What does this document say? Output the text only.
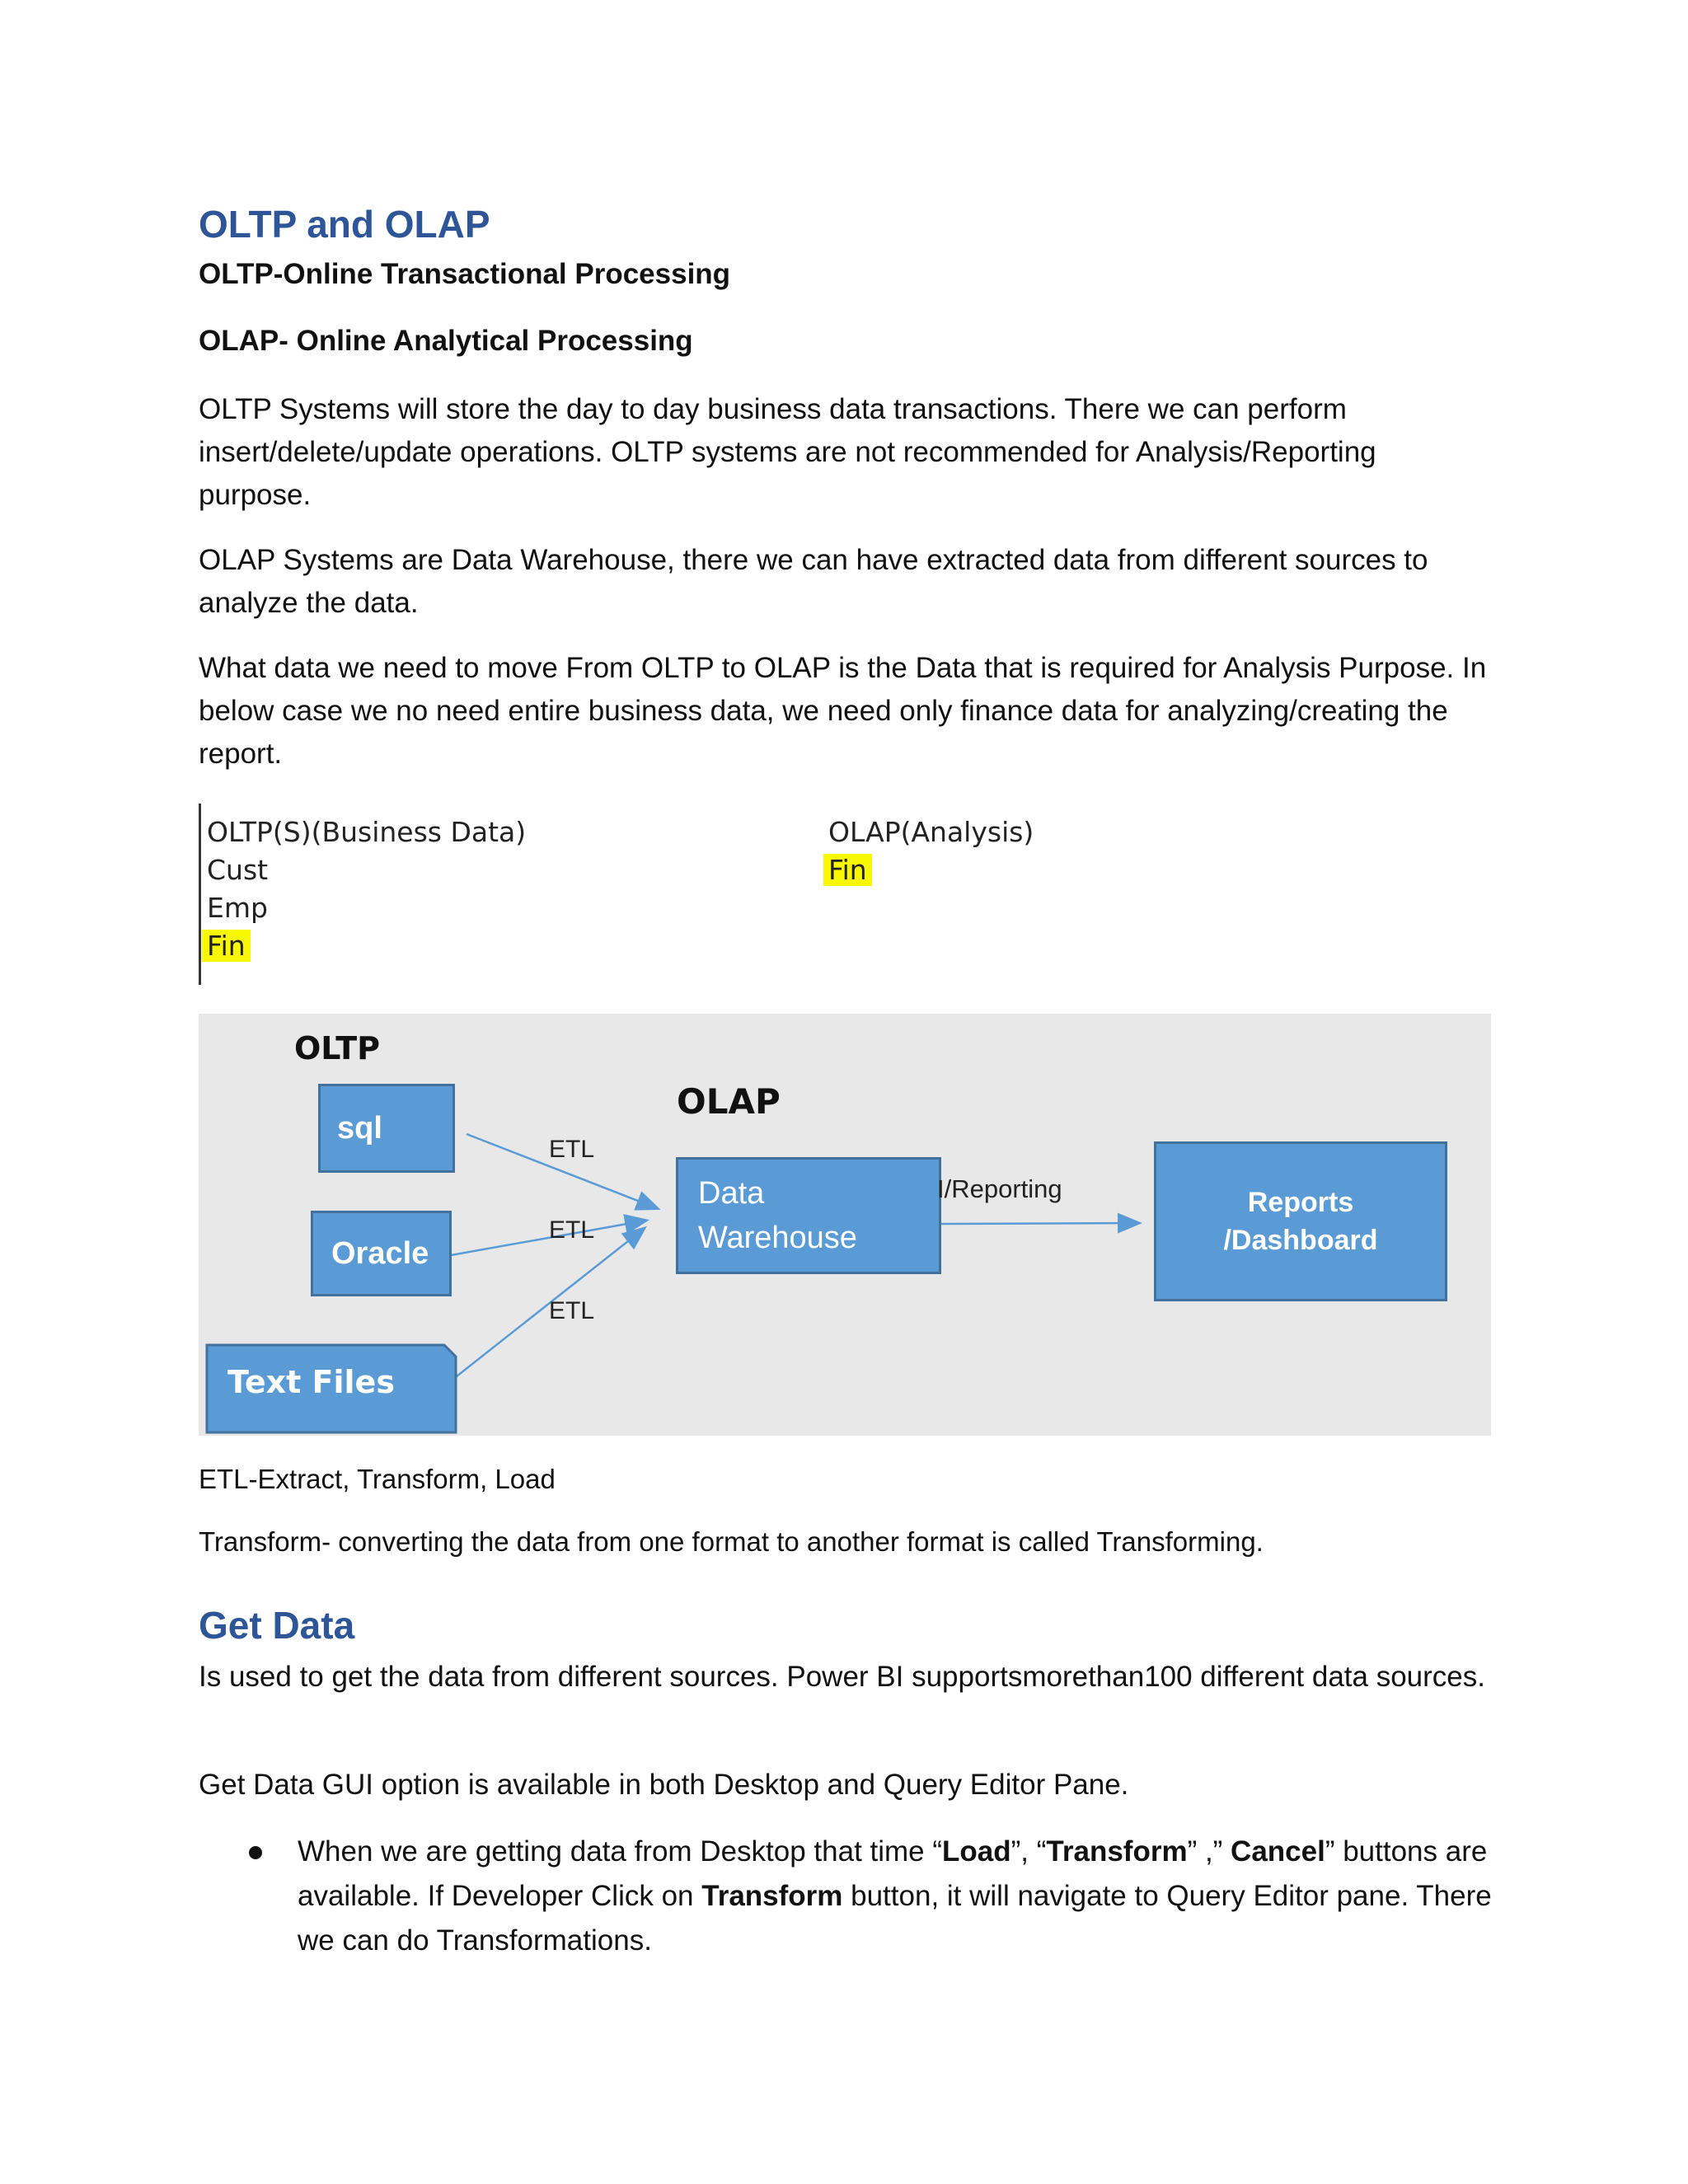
OLTP and OLAP

OLTP-Online Transactional Processing

OLAP- Online Analytical Processing

OLTP Systems will store the day to day business data transactions. There we can perform insert/delete/update operations. OLTP systems are not recommended for Analysis/Reporting purpose.

OLAP Systems are Data Warehouse, there we can have extracted data from different sources to analyze the data.

What data we need to move From OLTP to OLAP is the Data that is required for Analysis Purpose. In below case we no need entire business data, we need only finance data for analyzing/creating the report.

OLTP(S)(Business Data)
Cust
Emp
Fin
OLAP(Analysis)
Fin
OLTP
OLAP
sql
Oracle
Text Files
ETL
ETL
ETL
Data
Warehouse
I/Reporting	Reports
/Dashboard

ETL-Extract, Transform, Load

Transform- converting the data from one format to another format is called Transforming.

Get Data

Is used to get the data from different sources. Power BI supportsmorethan100 different data sources.

Get Data GUI option is available in both Desktop and Query Editor Pane.

When we are getting data from Desktop that time “Load”, “Transform” ,” Cancel” buttons are available. If Developer Click on Transform button, it will navigate to Query Editor pane. There we can do Transformations.
